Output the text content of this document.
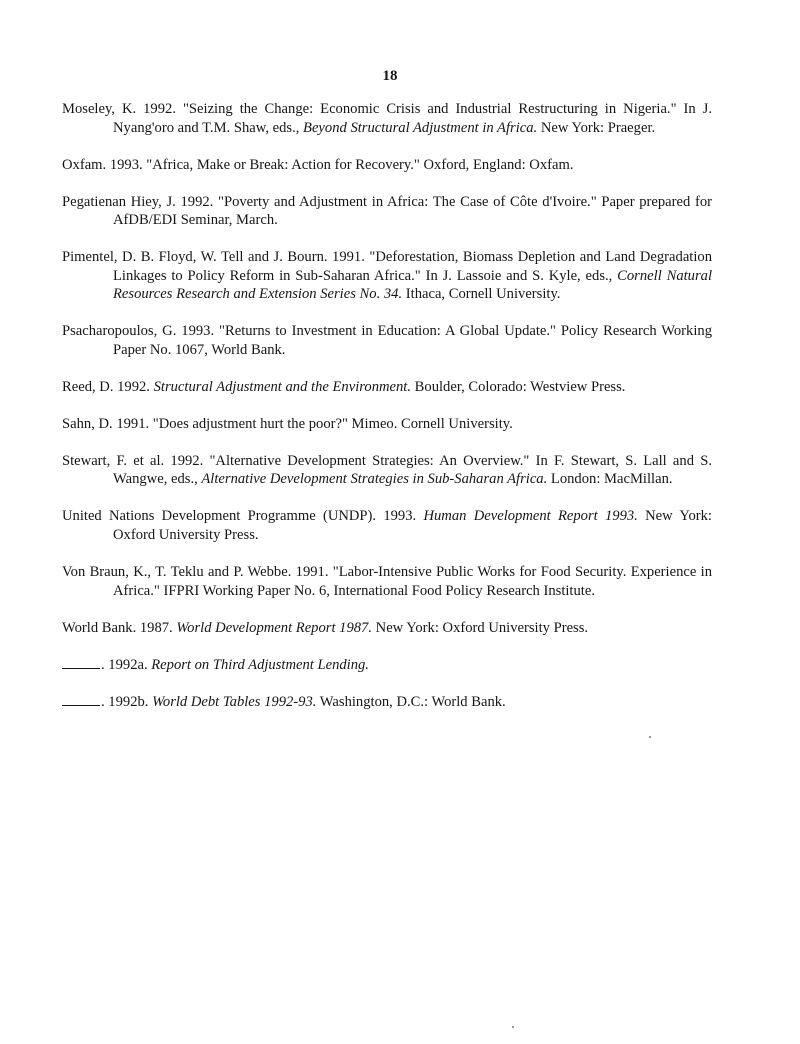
18

Moseley, K. 1992. "Seizing the Change: Economic Crisis and Industrial Restructuring in Nigeria." In J. Nyang'oro and T.M. Shaw, eds., Beyond Structural Adjustment in Africa. New York: Praeger.

Oxfam. 1993. "Africa, Make or Break: Action for Recovery." Oxford, England: Oxfam.

Pegatienan Hiey, J. 1992. "Poverty and Adjustment in Africa: The Case of Côte d'Ivoire." Paper prepared for AfDB/EDI Seminar, March.

Pimentel, D. B. Floyd, W. Tell and J. Bourn. 1991. "Deforestation, Biomass Depletion and Land Degradation Linkages to Policy Reform in Sub-Saharan Africa." In J. Lassoie and S. Kyle, eds., Cornell Natural Resources Research and Extension Series No. 34. Ithaca, Cornell University.

Psacharopoulos, G. 1993. "Returns to Investment in Education: A Global Update." Policy Research Working Paper No. 1067, World Bank.

Reed, D. 1992. Structural Adjustment and the Environment. Boulder, Colorado: Westview Press.

Sahn, D. 1991. "Does adjustment hurt the poor?" Mimeo. Cornell University.

Stewart, F. et al. 1992. "Alternative Development Strategies: An Overview." In F. Stewart, S. Lall and S. Wangwe, eds., Alternative Development Strategies in Sub-Saharan Africa. London: MacMillan.

United Nations Development Programme (UNDP). 1993. Human Development Report 1993. New York: Oxford University Press.

Von Braun, K., T. Teklu and P. Webbe. 1991. "Labor-Intensive Public Works for Food Security. Experience in Africa." IFPRI Working Paper No. 6, International Food Policy Research Institute.

World Bank. 1987. World Development Report 1987. New York: Oxford University Press.

. 1992a. Report on Third Adjustment Lending.

. 1992b. World Debt Tables 1992-93. Washington, D.C.: World Bank.
